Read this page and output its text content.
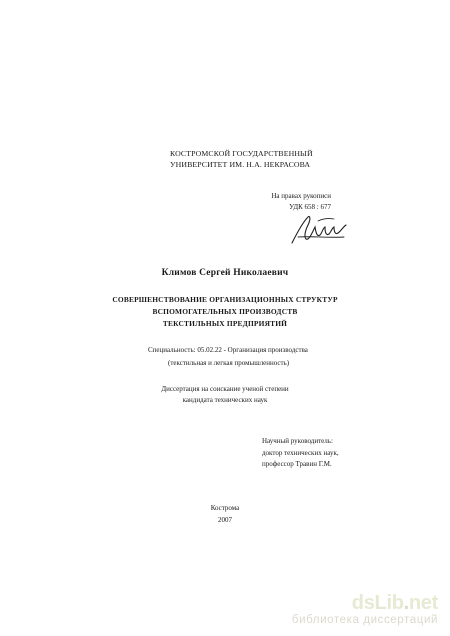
КОСТРОМСКОЙ ГОСУДАРСТВЕННЫЙ
УНИВЕРСИТЕТ ИМ. Н.А. НЕКРАСОВА
На правах рукописи
УДК 658 : 677
Климов Сергей Николаевич
СОВЕРШЕНСТВОВАНИЕ ОРГАНИЗАЦИОННЫХ СТРУКТУР
ВСПОМОГАТЕЛЬНЫХ ПРОИЗВОДСТВ
ТЕКСТИЛЬНЫХ ПРЕДПРИЯТИЙ
Специальность: 05.02.22 - Организация производства
(текстильная и легкая промышленность)
Диссертация на соискание ученой степени
кандидата технических наук
Научный руководитель:
доктор технических наук,
профессор Травин Г.М.
Кострома
2007
dsLib.net
библиотека диссертаций
